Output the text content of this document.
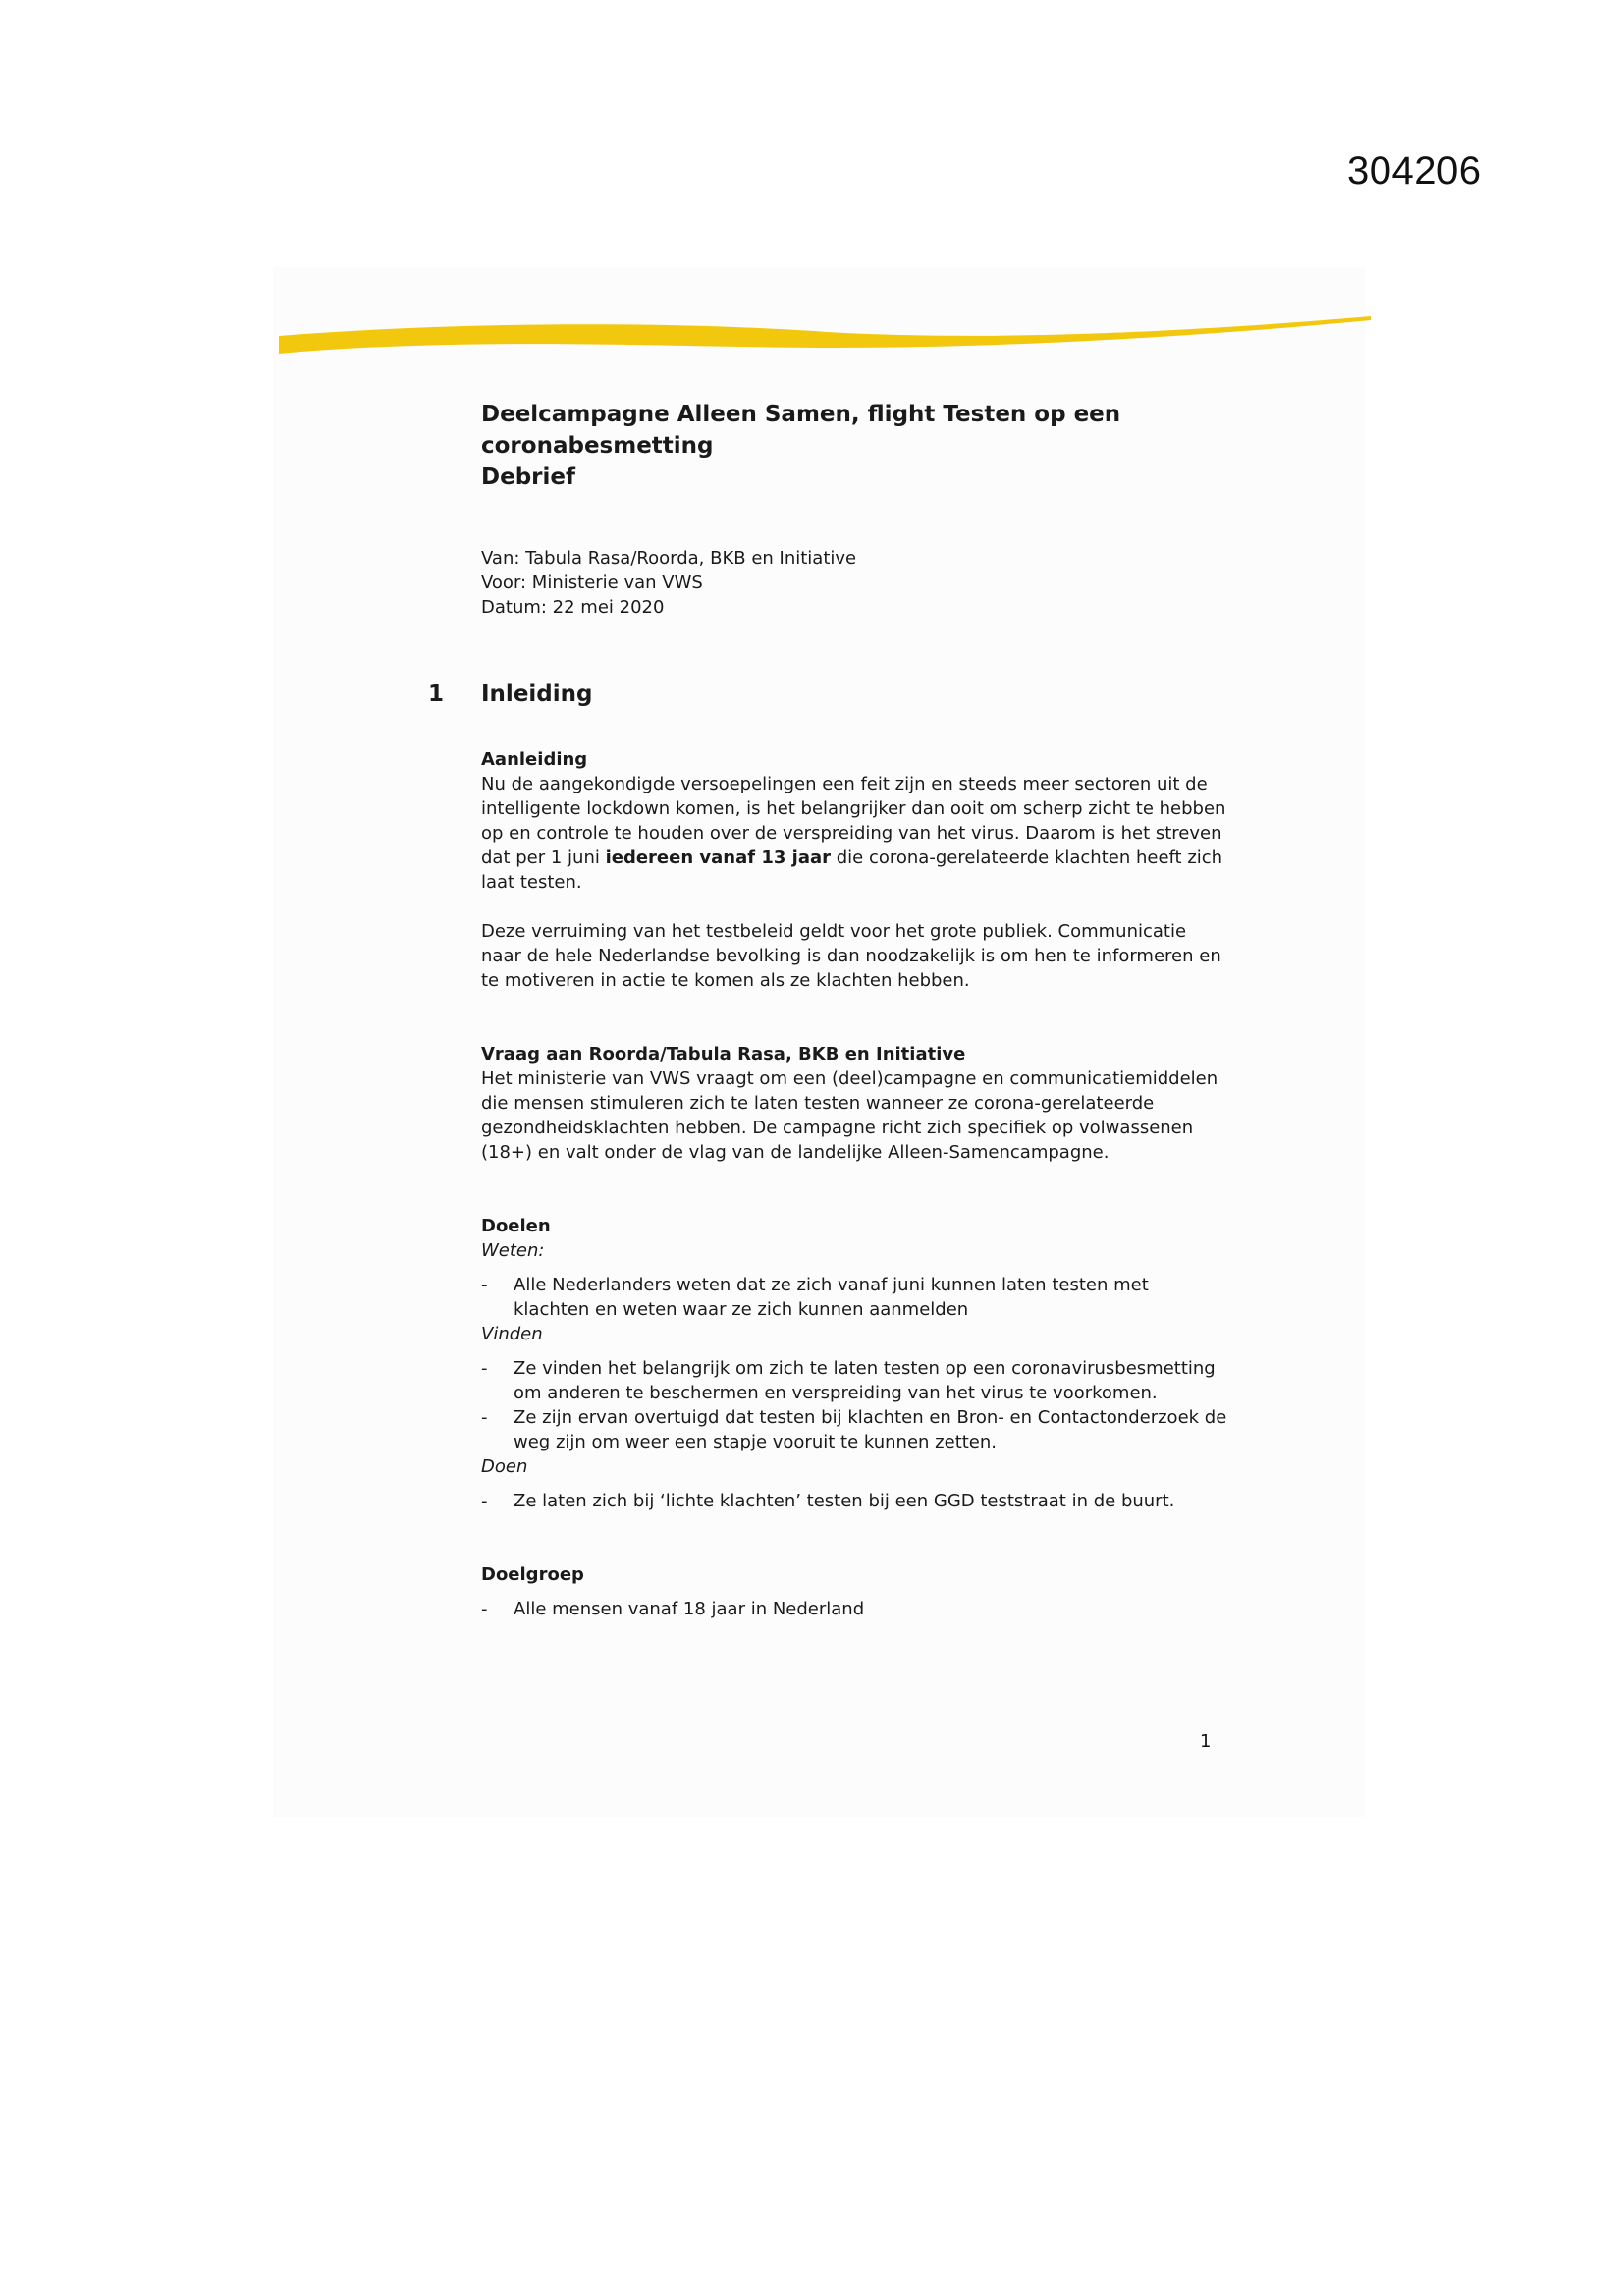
304206
Deelcampagne Alleen Samen, flight Testen op een
coronabesmetting
Debrief
Van: Tabula Rasa/Roorda, BKB en Initiative
Voor: Ministerie van VWS
Datum: 22 mei 2020
1 Inleiding
Aanleiding

Nu de aangekondigde versoepelingen een feit zijn en steeds meer sectoren uit de intelligente lockdown komen, is het belangrijker dan ooit om scherp zicht te hebben op en controle te houden over de verspreiding van het virus. Daarom is het streven dat per 1 juni iedereen vanaf 13 jaar die corona-gerelateerde klachten heeft zich laat testen.

Deze verruiming van het testbeleid geldt voor het grote publiek. Communicatie naar de hele Nederlandse bevolking is dan noodzakelijk is om hen te informeren en te motiveren in actie te komen als ze klachten hebben.

Vraag aan Roorda/Tabula Rasa, BKB en Initiative

Het ministerie van VWS vraagt om een (deel)campagne en communicatiemiddelen die mensen stimuleren zich te laten testen wanneer ze corona-gerelateerde gezondheidsklachten hebben. De campagne richt zich specifiek op volwassenen (18+) en valt onder de vlag van de landelijke Alleen-Samencampagne.

Doelen
Weten:
- Alle Nederlanders weten dat ze zich vanaf juni kunnen laten testen met klachten en weten waar ze zich kunnen aanmelden
Vinden
- Ze vinden het belangrijk om zich te laten testen op een coronavirusbesmetting om anderen te beschermen en verspreiding van het virus te voorkomen.
- Ze zijn ervan overtuigd dat testen bij klachten en Bron- en Contactonderzoek de weg zijn om weer een stapje vooruit te kunnen zetten.
Doen
- Ze laten zich bij ‘lichte klachten’ testen bij een GGD teststraat in de buurt.
Doelgroep
- Alle mensen vanaf 18 jaar in Nederland
1
